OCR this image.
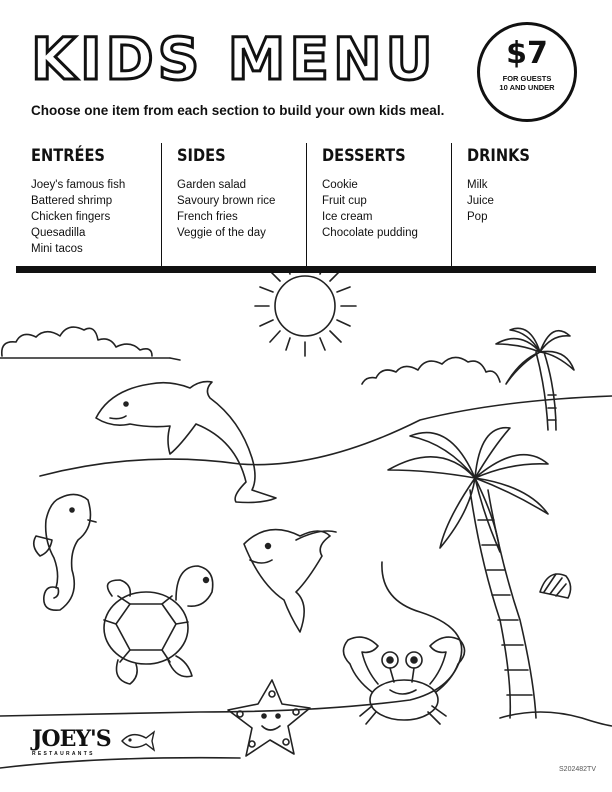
KIDS MENU	$7
FOR GUESTS
10 AND UNDER
Choose one item from each section to build your own kids meal.
ENTRÉES
Joey's famous fish
Battered shrimp
Chicken fingers
Quesadilla
Mini tacos
SIDES
Garden salad
Savoury brown rice
French fries
Veggie of the day
DESSERTS
Cookie
Fruit cup
Ice cream
Chocolate pudding
DRINKS
Milk
Juice
Pop
JOEY'S
RESTAURANTS
S202482TV
